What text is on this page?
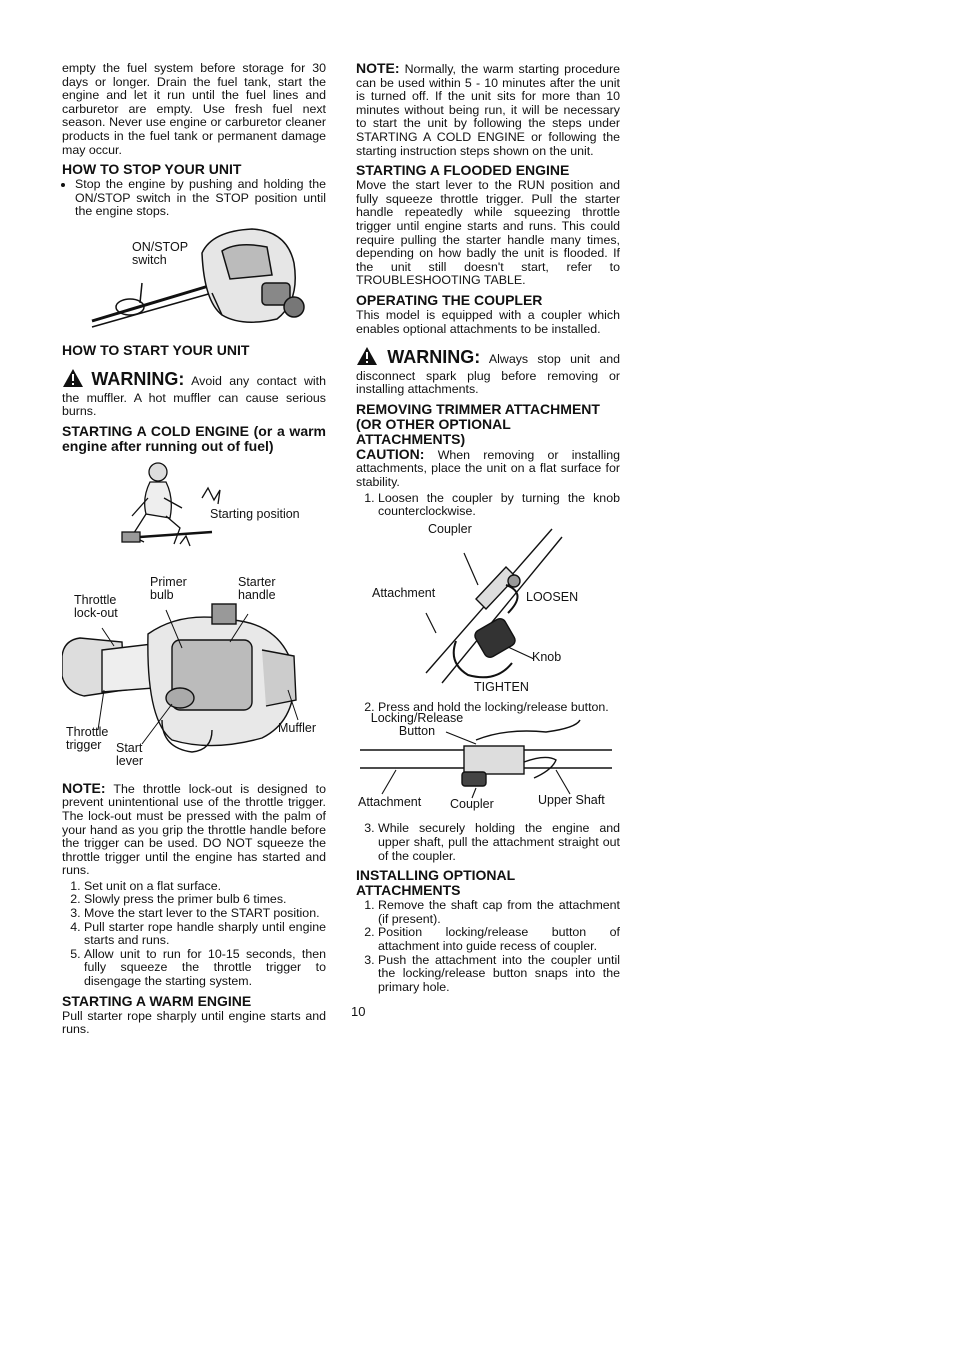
empty the fuel system before storage for 30 days or longer. Drain the fuel tank, start the engine and let it run until the fuel lines and carburetor are empty. Use fresh fuel next season. Never use engine or carburetor cleaner products in the fuel tank or permanent damage may occur.

HOW TO STOP YOUR UNIT
• Stop the engine by pushing and holding the ON/STOP switch in the STOP position until the engine stops.
ON/STOP switch
HOW TO START YOUR UNIT

WARNING: Avoid any contact with the muffler. A hot muffler can cause serious burns.

STARTING A COLD ENGINE (or a warm engine after running out of fuel)
Starting position
Throttle lock-out
Primer bulb
Starter handle
Throttle trigger	Start lever
Muffler

NOTE: The throttle lock-out is designed to prevent unintentional use of the throttle trigger. The lock-out must be pressed with the palm of your hand as you grip the throttle handle before the trigger can be used. DO NOT squeeze the throttle trigger until the engine has started and runs.

1. Set unit on a flat surface.
2. Slowly press the primer bulb 6 times.
3. Move the start lever to the START position.
4. Pull starter rope handle sharply until engine starts and runs.
5. Allow unit to run for 10-15 seconds, then fully squeeze the throttle trigger to disengage the starting system.
STARTING A WARM ENGINE

Pull starter rope sharply until engine starts and runs.

NOTE: Normally, the warm starting procedure can be used within 5 - 10 minutes after the unit is turned off. If the unit sits for more than 10 minutes without being run, it will be necessary to start the unit by following the steps under STARTING A COLD ENGINE or following the starting instruction steps shown on the unit.

STARTING A FLOODED ENGINE

Move the start lever to the RUN position and fully squeeze throttle trigger. Pull the starter handle repeatedly while squeezing throttle trigger until engine starts and runs. This could require pulling the starter handle many times, depending on how badly the unit is flooded. If the unit still doesn't start, refer to TROUBLESHOOTING TABLE.

OPERATING THE COUPLER

This model is equipped with a coupler which enables optional attachments to be installed.

WARNING: Always stop unit and disconnect spark plug before removing or installing attachments.

REMOVING TRIMMER ATTACHMENT (OR OTHER OPTIONAL ATTACHMENTS)

CAUTION: When removing or installing attachments, place the unit on a flat surface for stability.

1. Loosen the coupler by turning the knob counterclockwise.
Coupler
Attachment	LOOSEN
Knob
TIGHTEN
2. Press and hold the locking/release button.
Locking/Release Button
Attachment Coupler	Upper Shaft
3. While securely holding the engine and upper shaft, pull the attachment straight out of the coupler.
INSTALLING OPTIONAL ATTACHMENTS
1. Remove the shaft cap from the attachment (if present).
2. Position locking/release button of attachment into guide recess of coupler.
3. Push the attachment into the coupler until the locking/release button snaps into the primary hole.
10
